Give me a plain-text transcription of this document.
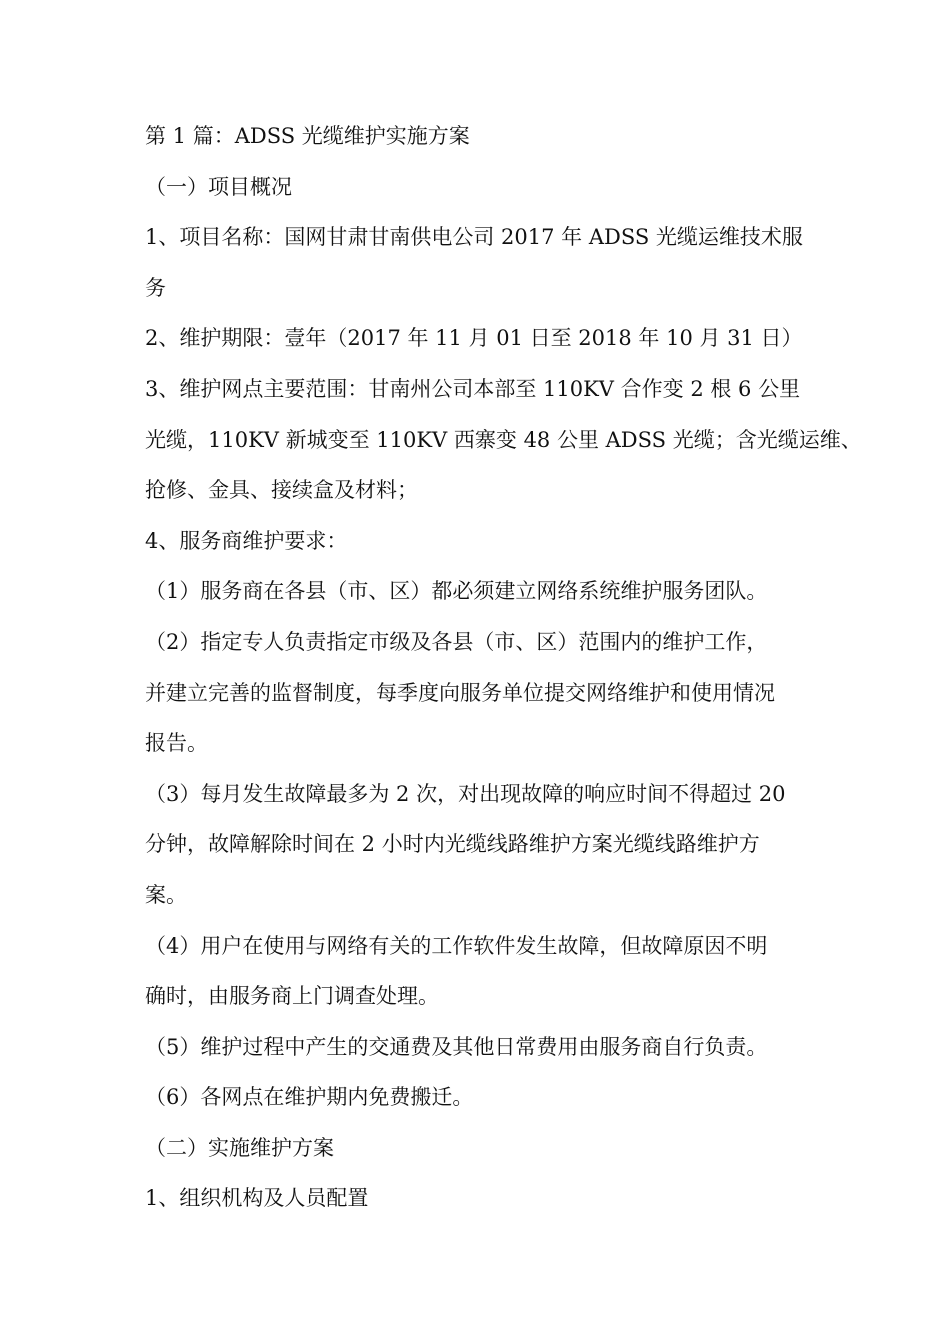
第 1 篇：ADSS 光缆维护实施方案
（一）项目概况
1、项目名称：国网甘肃甘南供电公司 2017 年 ADSS 光缆运维技术服
务
2、维护期限：壹年（2017 年 11 月 01 日至 2018 年 10 月 31 日）
3、维护网点主要范围：甘南州公司本部至 110KV 合作变 2 根 6 公里
光缆，110KV 新城变至 110KV 西寨变 48 公里 ADSS 光缆；含光缆运维、
抢修、金具、接续盒及材料；
4、服务商维护要求：
（1）服务商在各县（市、区）都必须建立网络系统维护服务团队。
（2）指定专人负责指定市级及各县（市、区）范围内的维护工作，
并建立完善的监督制度，每季度向服务单位提交网络维护和使用情况
报告。
（3）每月发生故障最多为 2 次，对出现故障的响应时间不得超过 20
分钟，故障解除时间在 2 小时内光缆线路维护方案光缆线路维护方
案。
（4）用户在使用与网络有关的工作软件发生故障，但故障原因不明
确时，由服务商上门调查处理。
（5）维护过程中产生的交通费及其他日常费用由服务商自行负责。
（6）各网点在维护期内免费搬迁。
（二）实施维护方案
1、组织机构及人员配置
